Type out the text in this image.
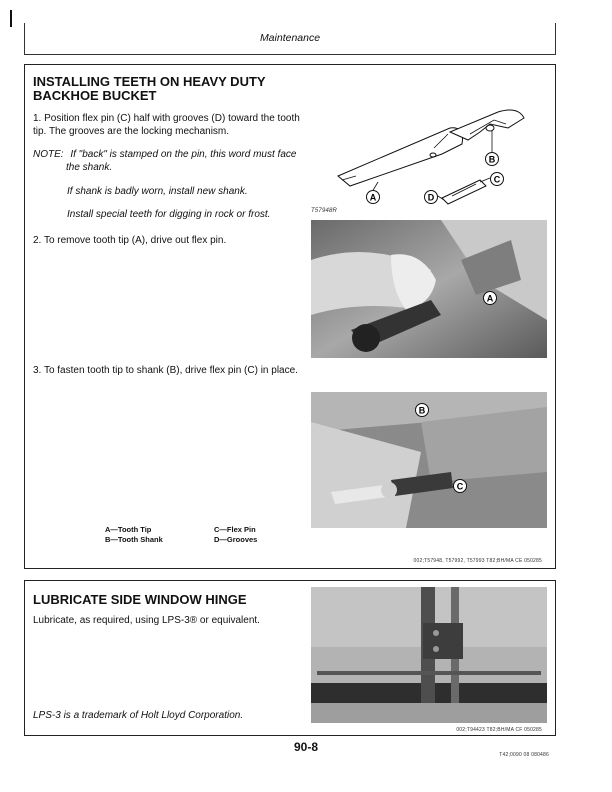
Maintenance
INSTALLING TEETH ON HEAVY DUTY
BACKHOE BUCKET
1. Position flex pin (C) half with grooves (D) toward the tooth
tip. The grooves are the locking mechanism.
NOTE: If "back" is stamped on the pin, this word must face
the shank.
If shank is badly worn, install new shank.
Install special teeth for digging in rock or frost.
2. To remove tooth tip (A), drive out flex pin.
3. To fasten tooth tip to shank (B), drive flex pin (C) in place.
A
B
C
D
T57948R
A
B
C
A—Tooth Tip
B—Tooth Shank
C—Flex Pin
D—Grooves
002;T57948, T57992, T57993 T82;BH/MA CE 050285
LUBRICATE SIDE WINDOW HINGE
Lubricate, as required, using LPS-3® or equivalent.
LPS-3 is a trademark of Holt Lloyd Corporation.
002;T94423 T82;BH/MA CF 050285
90-8
T42;0090 08 080486
